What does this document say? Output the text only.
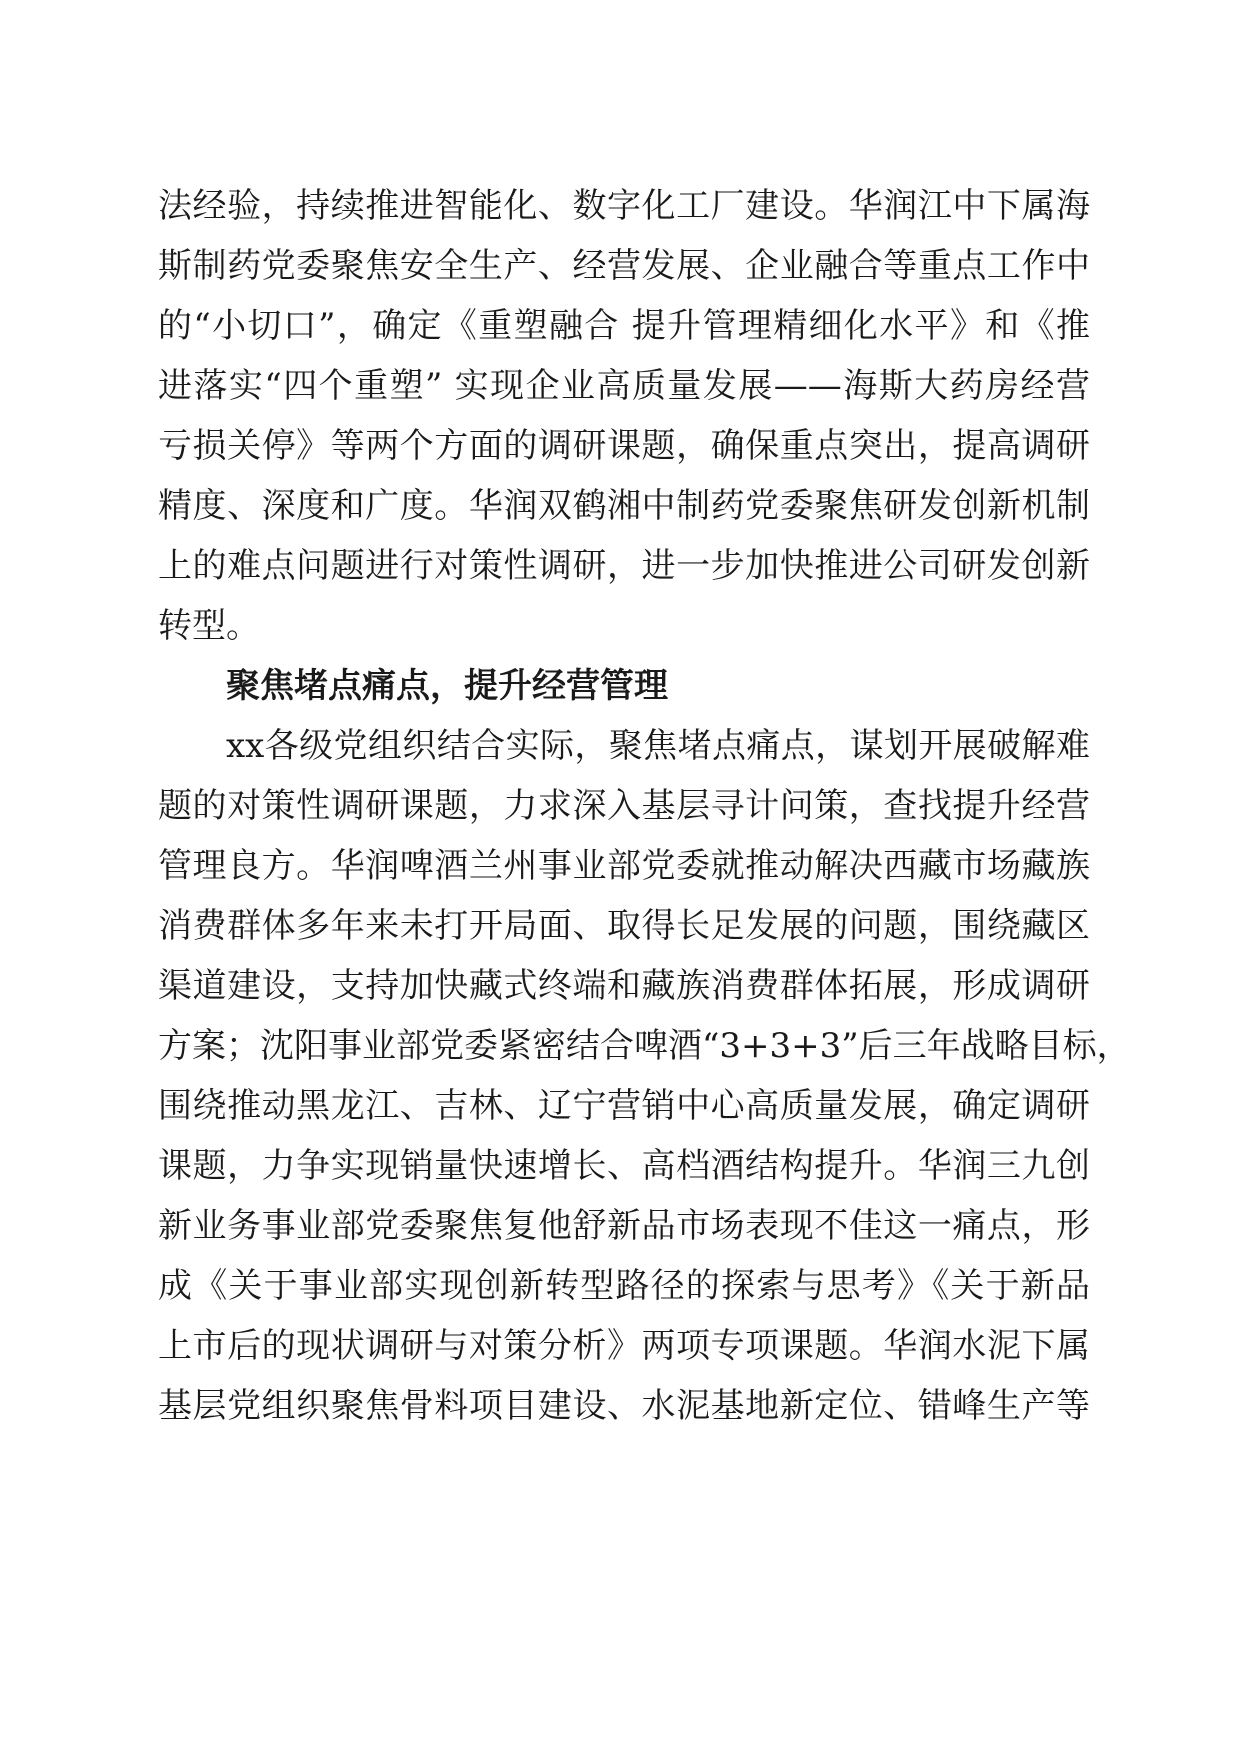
法经验，持续推进智能化、数字化工厂建设。华润江中下属海
斯制药党委聚焦安全生产、经营发展、企业融合等重点工作中
的“小切口”，确定《重塑融合 提升管理精细化水平》和《推
进落实“四个重塑” 实现企业高质量发展——海斯大药房经营
亏损关停》等两个方面的调研课题，确保重点突出，提高调研
精度、深度和广度。华润双鹤湘中制药党委聚焦研发创新机制
上的难点问题进行对策性调研，进一步加快推进公司研发创新
转型。
聚焦堵点痛点，提升经营管理
xx各级党组织结合实际，聚焦堵点痛点，谋划开展破解难
题的对策性调研课题，力求深入基层寻计问策，查找提升经营
管理良方。华润啤酒兰州事业部党委就推动解决西藏市场藏族
消费群体多年来未打开局面、取得长足发展的问题，围绕藏区
渠道建设，支持加快藏式终端和藏族消费群体拓展，形成调研
方案；沈阳事业部党委紧密结合啤酒“3+3+3”后三年战略目标，
围绕推动黑龙江、吉林、辽宁营销中心高质量发展，确定调研
课题，力争实现销量快速增长、高档酒结构提升。华润三九创
新业务事业部党委聚焦复他舒新品市场表现不佳这一痛点，形
成《关于事业部实现创新转型路径的探索与思考》《关于新品
上市后的现状调研与对策分析》两项专项课题。华润水泥下属
基层党组织聚焦骨料项目建设、水泥基地新定位、错峰生产等
